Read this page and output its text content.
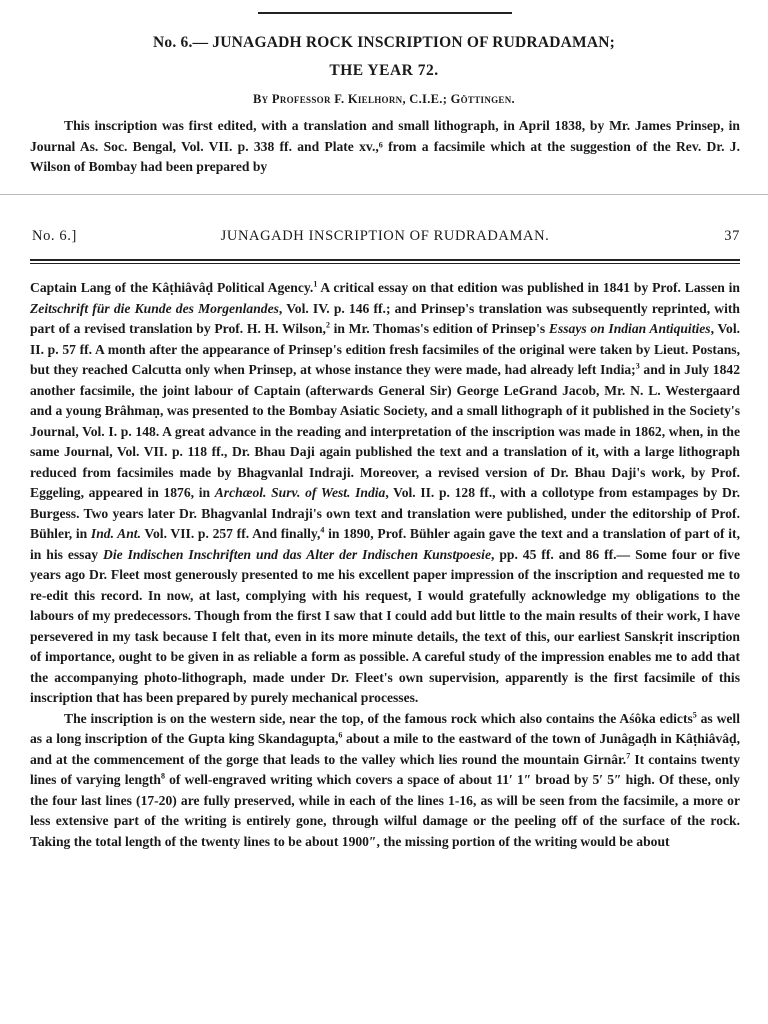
No. 6.— JUNAGADH ROCK INSCRIPTION OF RUDRADAMAN;
THE YEAR 72.
By Professor F. Kielhorn, C.I.E.; Göttingen.

This inscription was first edited, with a translation and small lithograph, in April 1838, by Mr. James Prinsep, in Journal As. Soc. Bengal, Vol. VII. p. 338 ff. and Plate xv.,⁶ from a facsimile which at the suggestion of the Rev. Dr. J. Wilson of Bombay had been prepared by

No. 6.]	JUNAGADH INSCRIPTION OF RUDRADAMAN.	37

Captain Lang of the Kâṭhiâvâḍ Political Agency.$^1$ A critical essay on that edition was published in 1841 by Prof. Lassen in Zeitschrift für die Kunde des Morgenlandes, Vol. IV. p. 146 ff.; and Prinsep's translation was subsequently reprinted, with part of a revised translation by Prof. H. H. Wilson,$^2$ in Mr. Thomas's edition of Prinsep's Essays on Indian Antiquities, Vol. II. p. 57 ff. A month after the appearance of Prinsep's edition fresh facsimiles of the original were taken by Lieut. Postans, but they reached Calcutta only when Prinsep, at whose instance they were made, had already left India;$^3$ and in July 1842 another facsimile, the joint labour of Captain (afterwards General Sir) George LeGrand Jacob, Mr. N. L. Westergaard and a young Brâhmaṇ, was presented to the Bombay Asiatic Society, and a small lithograph of it published in the Society's Journal, Vol. I. p. 148. A great advance in the reading and interpretation of the inscription was made in 1862, when, in the same Journal, Vol. VII. p. 118 ff., Dr. Bhau Daji again published the text and a translation of it, with a large lithograph reduced from facsimiles made by Bhagvanlal Indraji. Moreover, a revised version of Dr. Bhau Daji's work, by Prof. Eggeling, appeared in 1876, in Archæol. Surv. of West. India, Vol. II. p. 128 ff., with a collotype from estampages by Dr. Burgess. Two years later Dr. Bhagvanlal Indraji's own text and translation were published, under the editorship of Prof. Bühler, in Ind. Ant. Vol. VII. p. 257 ff. And finally,$^4$ in 1890, Prof. Bühler again gave the text and a translation of part of it, in his essay Die Indischen Inschriften und das Alter der Indischen Kunstpoesie, pp. 45 ff. and 86 ff.— Some four or five years ago Dr. Fleet most generously presented to me his excellent paper impression of the inscription and requested me to re-edit this record. In now, at last, complying with his request, I would gratefully acknowledge my obligations to the labours of my predecessors. Though from the first I saw that I could add but little to the main results of their work, I have persevered in my task because I felt that, even in its more minute details, the text of this, our earliest Sanskṛit inscription of importance, ought to be given in as reliable a form as possible. A careful study of the impression enables me to add that the accompanying photo-lithograph, made under Dr. Fleet's own supervision, apparently is the first facsimile of this inscription that has been prepared by purely mechanical processes.

The inscription is on the western side, near the top, of the famous rock which also contains the Aśôka edicts$^5$ as well as a long inscription of the Gupta king Skandagupta,$^6$ about a mile to the eastward of the town of Junâgaḍh in Kâṭhiâvâḍ, and at the commencement of the gorge that leads to the valley which lies round the mountain Girnâr.$^7$ It contains twenty lines of varying length$^8$ of well-engraved writing which covers a space of about 11′ 1″ broad by 5′ 5″ high. Of these, only the four last lines (17-20) are fully preserved, while in each of the lines 1-16, as will be seen from the facsimile, a more or less extensive part of the writing is entirely gone, through wilful damage or the peeling off of the surface of the rock. Taking the total length of the twenty lines to be about 1900″, the missing portion of the writing would be about
